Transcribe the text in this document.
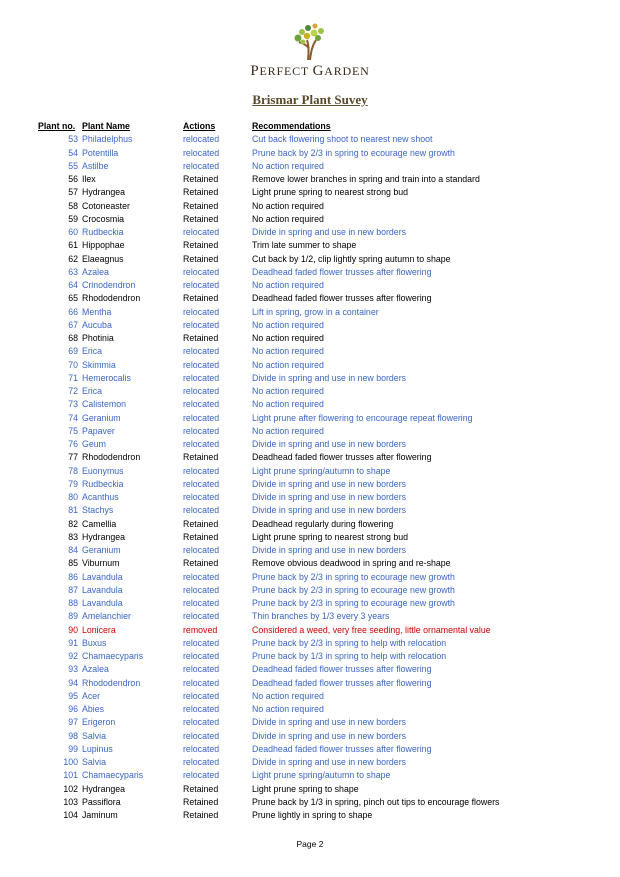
PERFECT GARDEN
Brismar Plant Suvey
Plant no.	Plant Name	Actions	Recommendations
53	Philadelphus	relocated	Cut back flowering shoot to nearest new shoot
54	Potentilla	relocated	Prune back by 2/3 in spring to ecourage new growth
55	Astilbe	relocated	No action required
56	Ilex	Retained	Remove lower branches in spring and train into a standard
57	Hydrangea	Retained	Light prune spring to nearest strong bud
58	Cotoneaster	Retained	No action required
59	Crocosmia	Retained	No action required
60	Rudbeckia	relocated	Divide in spring and use in new borders
61	Hippophae	Retained	Trim late summer to shape
62	Elaeagnus	Retained	Cut back by 1/2, clip lightly spring autumn to shape
63	Azalea	relocated	Deadhead faded flower trusses after flowering
64	Crinodendron	relocated	No action required
65	Rhododendron	Retained	Deadhead faded flower trusses after flowering
66	Mentha	relocated	Lift in spring, grow in a container
67	Aucuba	relocated	No action required
68	Photinia	Retained	No action required
69	Erica	relocated	No action required
70	Skimmia	relocated	No action required
71	Hemerocalis	relocated	Divide in spring and use in new borders
72	Erica	relocated	No action required
73	Calistemon	relocated	No action required
74	Geranium	relocated	Light prune after flowering to encourage repeat flowering
75	Papaver	relocated	No action required
76	Geum	relocated	Divide in spring and use in new borders
77	Rhododendron	Retained	Deadhead faded flower trusses after flowering
78	Euonymus	relocated	Light prune spring/autumn to shape
79	Rudbeckia	relocated	Divide in spring and use in new borders
80	Acanthus	relocated	Divide in spring and use in new borders
81	Stachys	relocated	Divide in spring and use in new borders
82	Camellia	Retained	Deadhead regularly during flowering
83	Hydrangea	Retained	Light prune spring to nearest strong bud
84	Geranium	relocated	Divide in spring and use in new borders
85	Viburnum	Retained	Remove obvious deadwood in spring and re-shape
86	Lavandula	relocated	Prune back by 2/3 in spring to ecourage new growth
87	Lavandula	relocated	Prune back by 2/3 in spring to ecourage new growth
88	Lavandula	relocated	Prune back by 2/3 in spring to ecourage new growth
89	Amelanchier	relocated	Thin branches by 1/3 every 3 years
90	Lonicera	removed	Considered a weed, very free seeding, little ornamental value
91	Buxus	relocated	Prune back by 2/3 in spring to help with relocation
92	Chamaecyparis	relocated	Prune back by 1/3 in spring to help with relocation
93	Azalea	relocated	Deadhead faded flower trusses after flowering
94	Rhododendron	relocated	Deadhead faded flower trusses after flowering
95	Acer	relocated	No action required
96	Abies	relocated	No action required
97	Erigeron	relocated	Divide in spring and use in new borders
98	Salvia	relocated	Divide in spring and use in new borders
99	Lupinus	relocated	Deadhead faded flower trusses after flowering
100	Salvia	relocated	Divide in spring and use in new borders
101	Chamaecyparis	relocated	Light prune spring/autumn to shape
102	Hydrangea	Retained	Light prune spring to shape
103	Passiflora	Retained	Prune back by 1/3 in spring, pinch out tips to encourage flowers
104	Jaminum	Retained	Prune lightly in spring to shape
Page 2
